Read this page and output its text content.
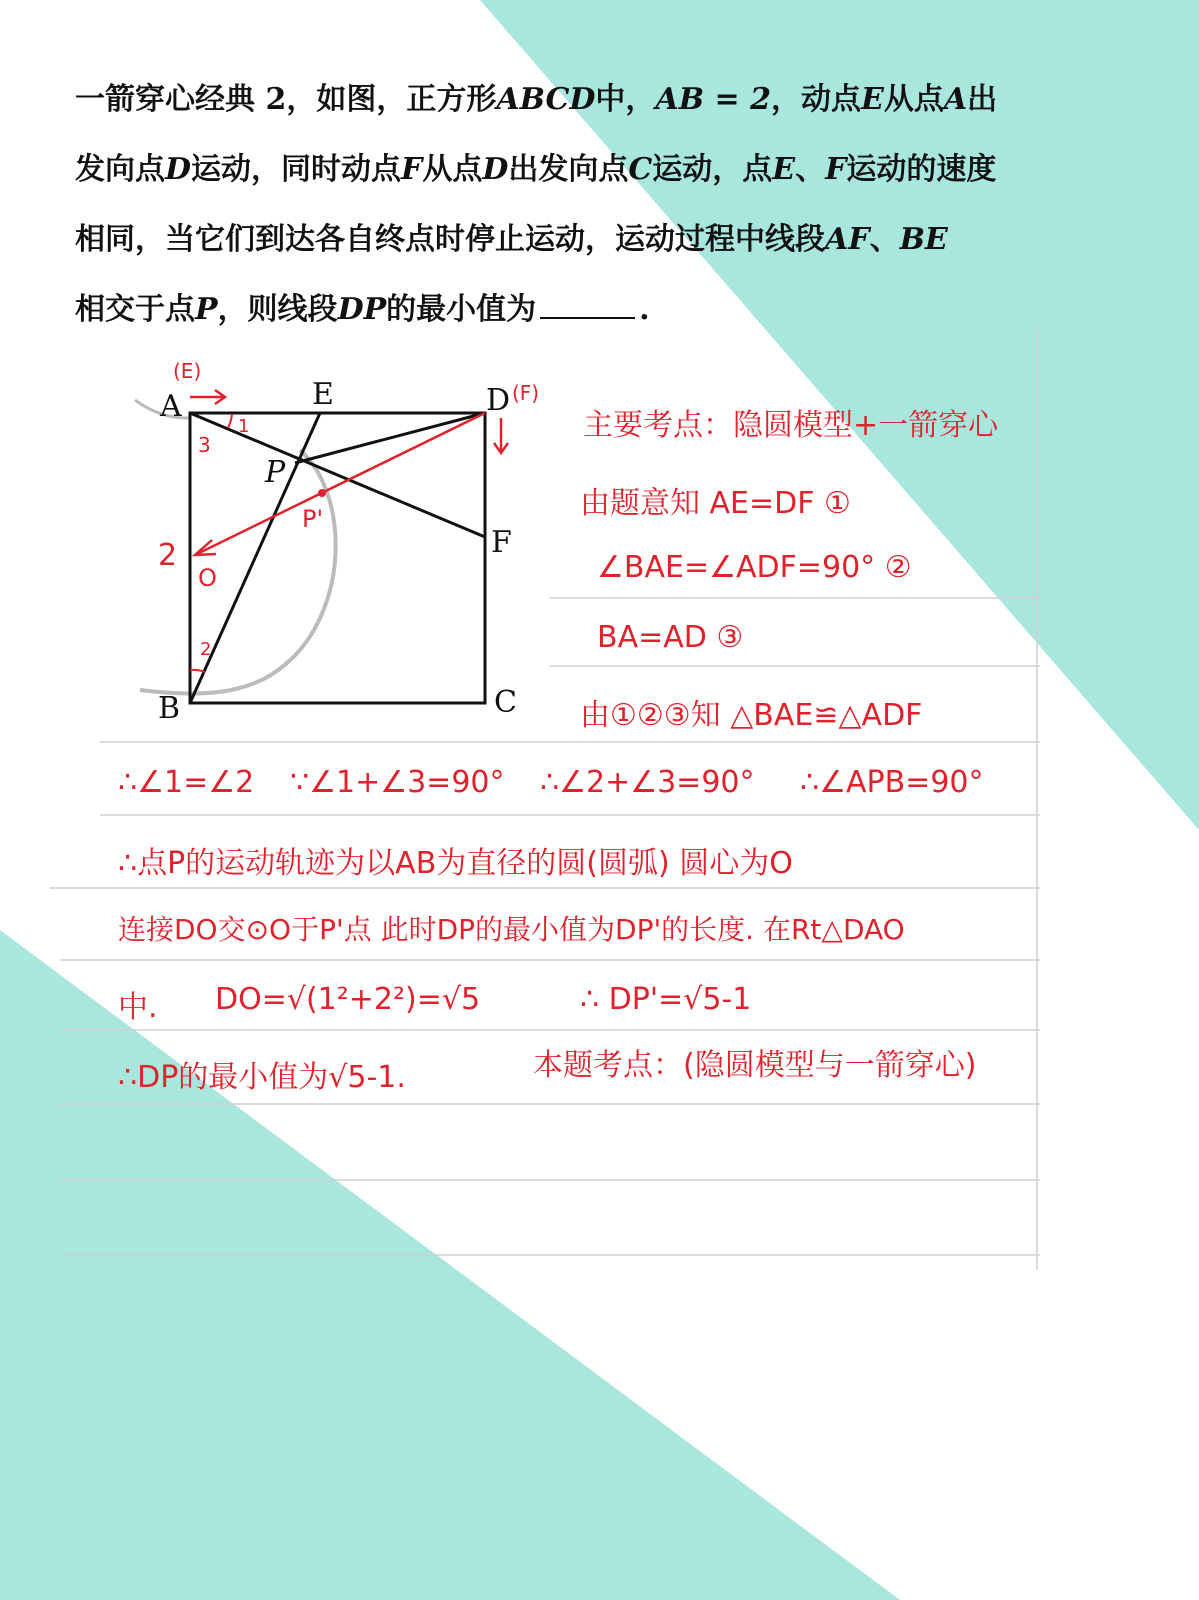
一箭穿心经典 2，如图，正方形ABCD中，AB = 2，动点E从点A出
发向点D运动，同时动点F从点D出发向点C运动，点E、F运动的速度
相同，当它们到达各自终点时停止运动，运动过程中线段AF、BE
相交于点P，则线段DP的最小值为	.
A
B	C
D
E
F
P
(E)
(F)
P'
O
2
1
2
3
主要考点：隐圆模型+一箭穿心
由题意知 AE=DF ①
∠BAE=∠ADF=90° ②
BA=AD ③
由①②③知 △BAE≌△ADF
∴∠1=∠2 ∵∠1+∠3=90° ∴∠2+∠3=90° ∴∠APB=90°
∴点P的运动轨迹为以AB为直径的圆(圆弧) 圆心为O
连接DO交⊙O于P'点 此时DP的最小值为DP'的长度. 在Rt△DAO
中. DO=√(1²+2²)=√5	∴ DP'=√5-1
∴DP的最小值为√5-1.	本题考点：(隐圆模型与一箭穿心)
